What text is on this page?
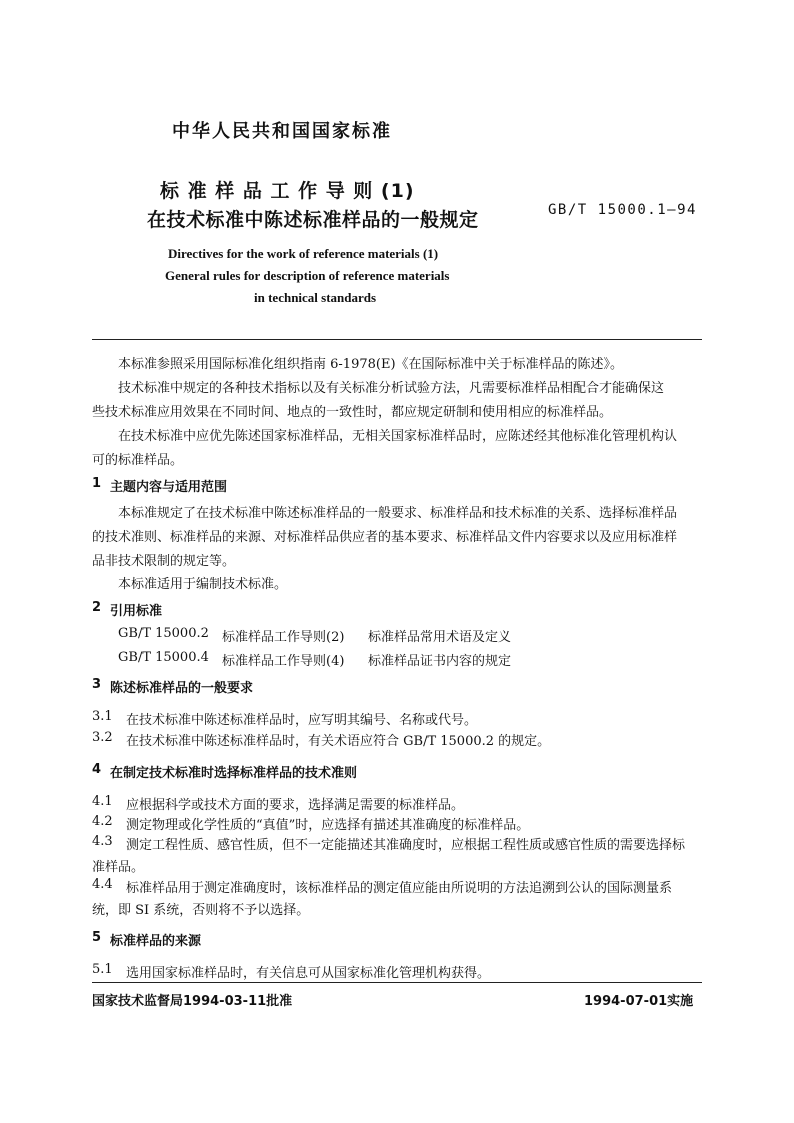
中华人民共和国国家标准
标 准 样 品 工 作 导 则 (1)
在技术标准中陈述标准样品的一般规定	GB/T 15000.1—94
Directives for the work of reference materials (1)
General rules for description of reference materials
in technical standards
本标准参照采用国际标准化组织指南 6-1978(E)《在国际标准中关于标准样品的陈述》。
技术标准中规定的各种技术指标以及有关标准分析试验方法，凡需要标准样品相配合才能确保这
些技术标准应用效果在不同时间、地点的一致性时，都应规定研制和使用相应的标准样品。
在技术标准中应优先陈述国家标准样品，无相关国家标准样品时，应陈述经其他标准化管理机构认
可的标准样品。
1 主题内容与适用范围
本标准规定了在技术标准中陈述标准样品的一般要求、标准样品和技术标准的关系、选择标准样品
的技术准则、标准样品的来源、对标准样品供应者的基本要求、标准样品文件内容要求以及应用标准样
品非技术限制的规定等。
本标准适用于编制技术标准。
2 引用标准
GB/T 15000.2 标准样品工作导则(2) 标准样品常用术语及定义
GB/T 15000.4 标准样品工作导则(4) 标准样品证书内容的规定
3 陈述标准样品的一般要求
3.1 在技术标准中陈述标准样品时，应写明其编号、名称或代号。
3.2 在技术标准中陈述标准样品时，有关术语应符合 GB/T 15000.2 的规定。
4 在制定技术标准时选择标准样品的技术准则
4.1 应根据科学或技术方面的要求，选择满足需要的标准样品。
4.2 测定物理或化学性质的“真值”时，应选择有描述其准确度的标准样品。
4.3 测定工程性质、感官性质，但不一定能描述其准确度时，应根据工程性质或感官性质的需要选择标
准样品。
4.4 标准样品用于测定准确度时，该标准样品的测定值应能由所说明的方法追溯到公认的国际测量系
统，即 SI 系统，否则将不予以选择。
5 标准样品的来源
5.1 选用国家标准样品时，有关信息可从国家标准化管理机构获得。
国家技术监督局1994-03-11批准	1994-07-01实施
